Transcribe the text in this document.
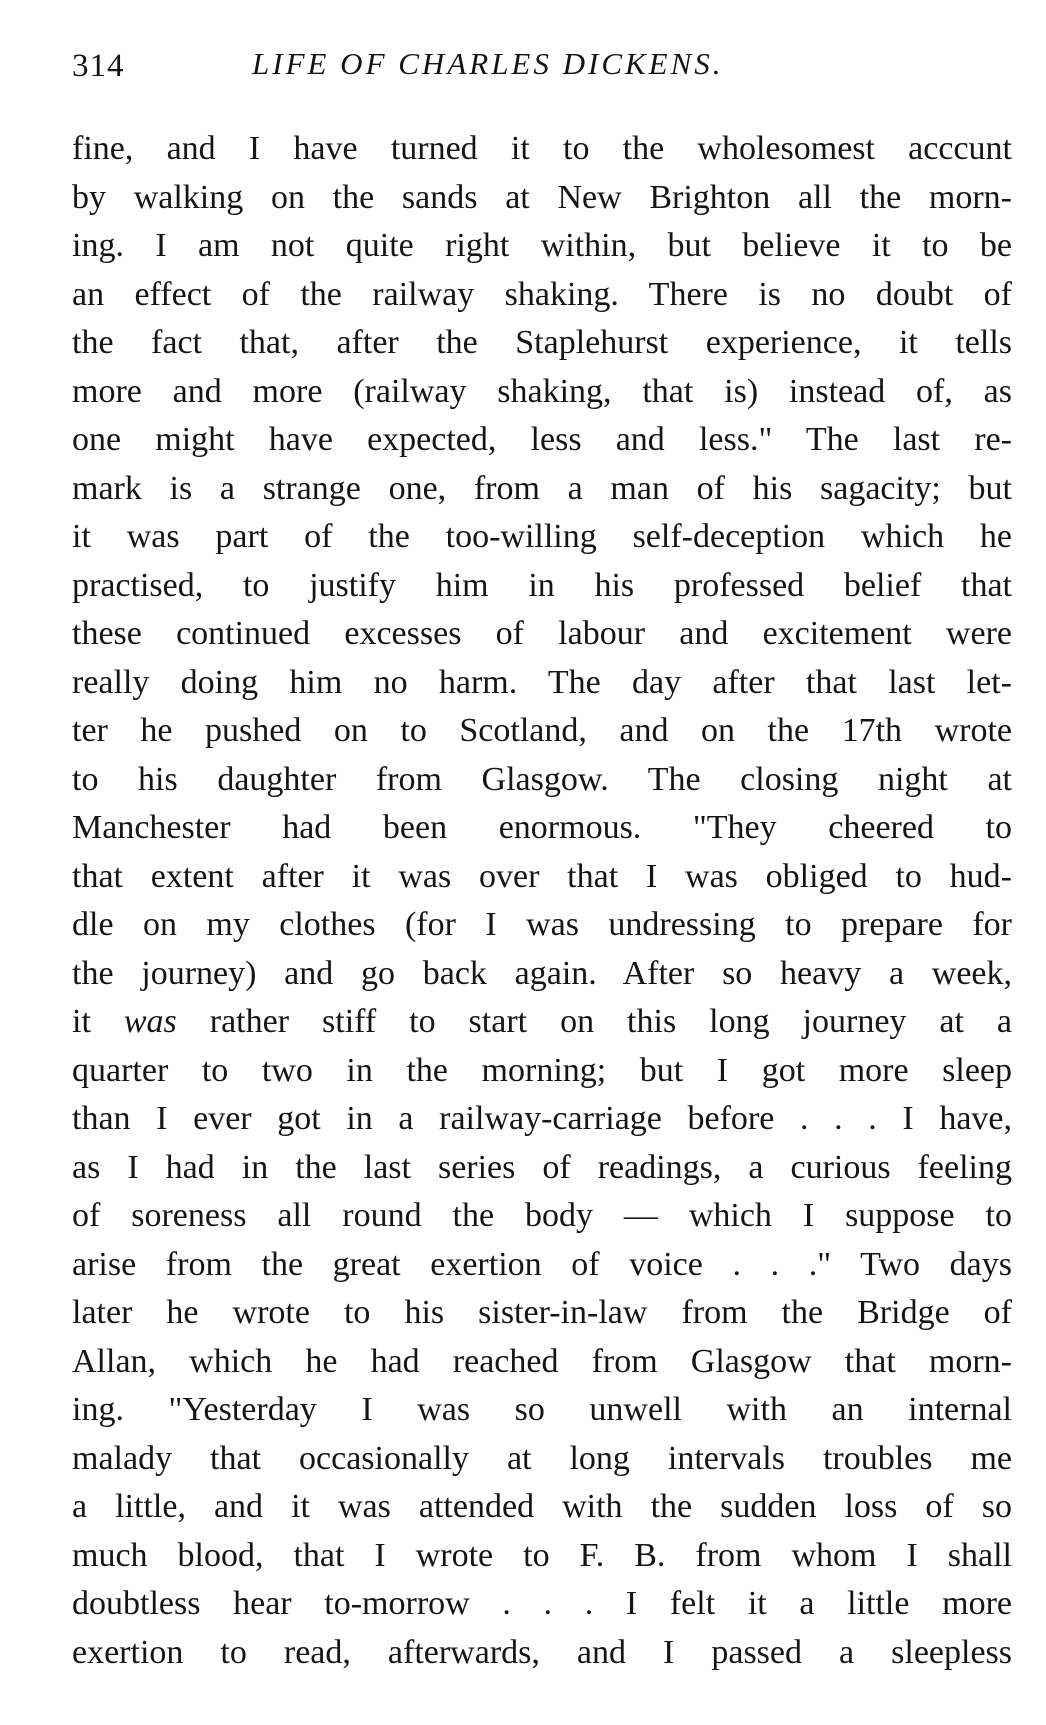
314	LIFE OF CHARLES DICKENS.
fine, and I have turned it to the wholesomest acccunt
by walking on the sands at New Brighton all the morn-
ing. I am not quite right within, but believe it to be
an effect of the railway shaking. There is no doubt of
the fact that, after the Staplehurst experience, it tells
more and more (railway shaking, that is) instead of, as
one might have expected, less and less." The last re-
mark is a strange one, from a man of his sagacity; but
it was part of the too-willing self-deception which he
practised, to justify him in his professed belief that
these continued excesses of labour and excitement were
really doing him no harm. The day after that last let-
ter he pushed on to Scotland, and on the 17th wrote
to his daughter from Glasgow. The closing night at
Manchester had been enormous. "They cheered to
that extent after it was over that I was obliged to hud-
dle on my clothes (for I was undressing to prepare for
the journey) and go back again. After so heavy a week,
it was rather stiff to start on this long journey at a
quarter to two in the morning; but I got more sleep
than I ever got in a railway-carriage before . . . I have,
as I had in the last series of readings, a curious feeling
of soreness all round the body — which I suppose to
arise from the great exertion of voice . . ." Two days
later he wrote to his sister-in-law from the Bridge of
Allan, which he had reached from Glasgow that morn-
ing. "Yesterday I was so unwell with an internal
malady that occasionally at long intervals troubles me
a little, and it was attended with the sudden loss of so
much blood, that I wrote to F. B. from whom I shall
doubtless hear to-morrow . . . I felt it a little more
exertion to read, afterwards, and I passed a sleepless
